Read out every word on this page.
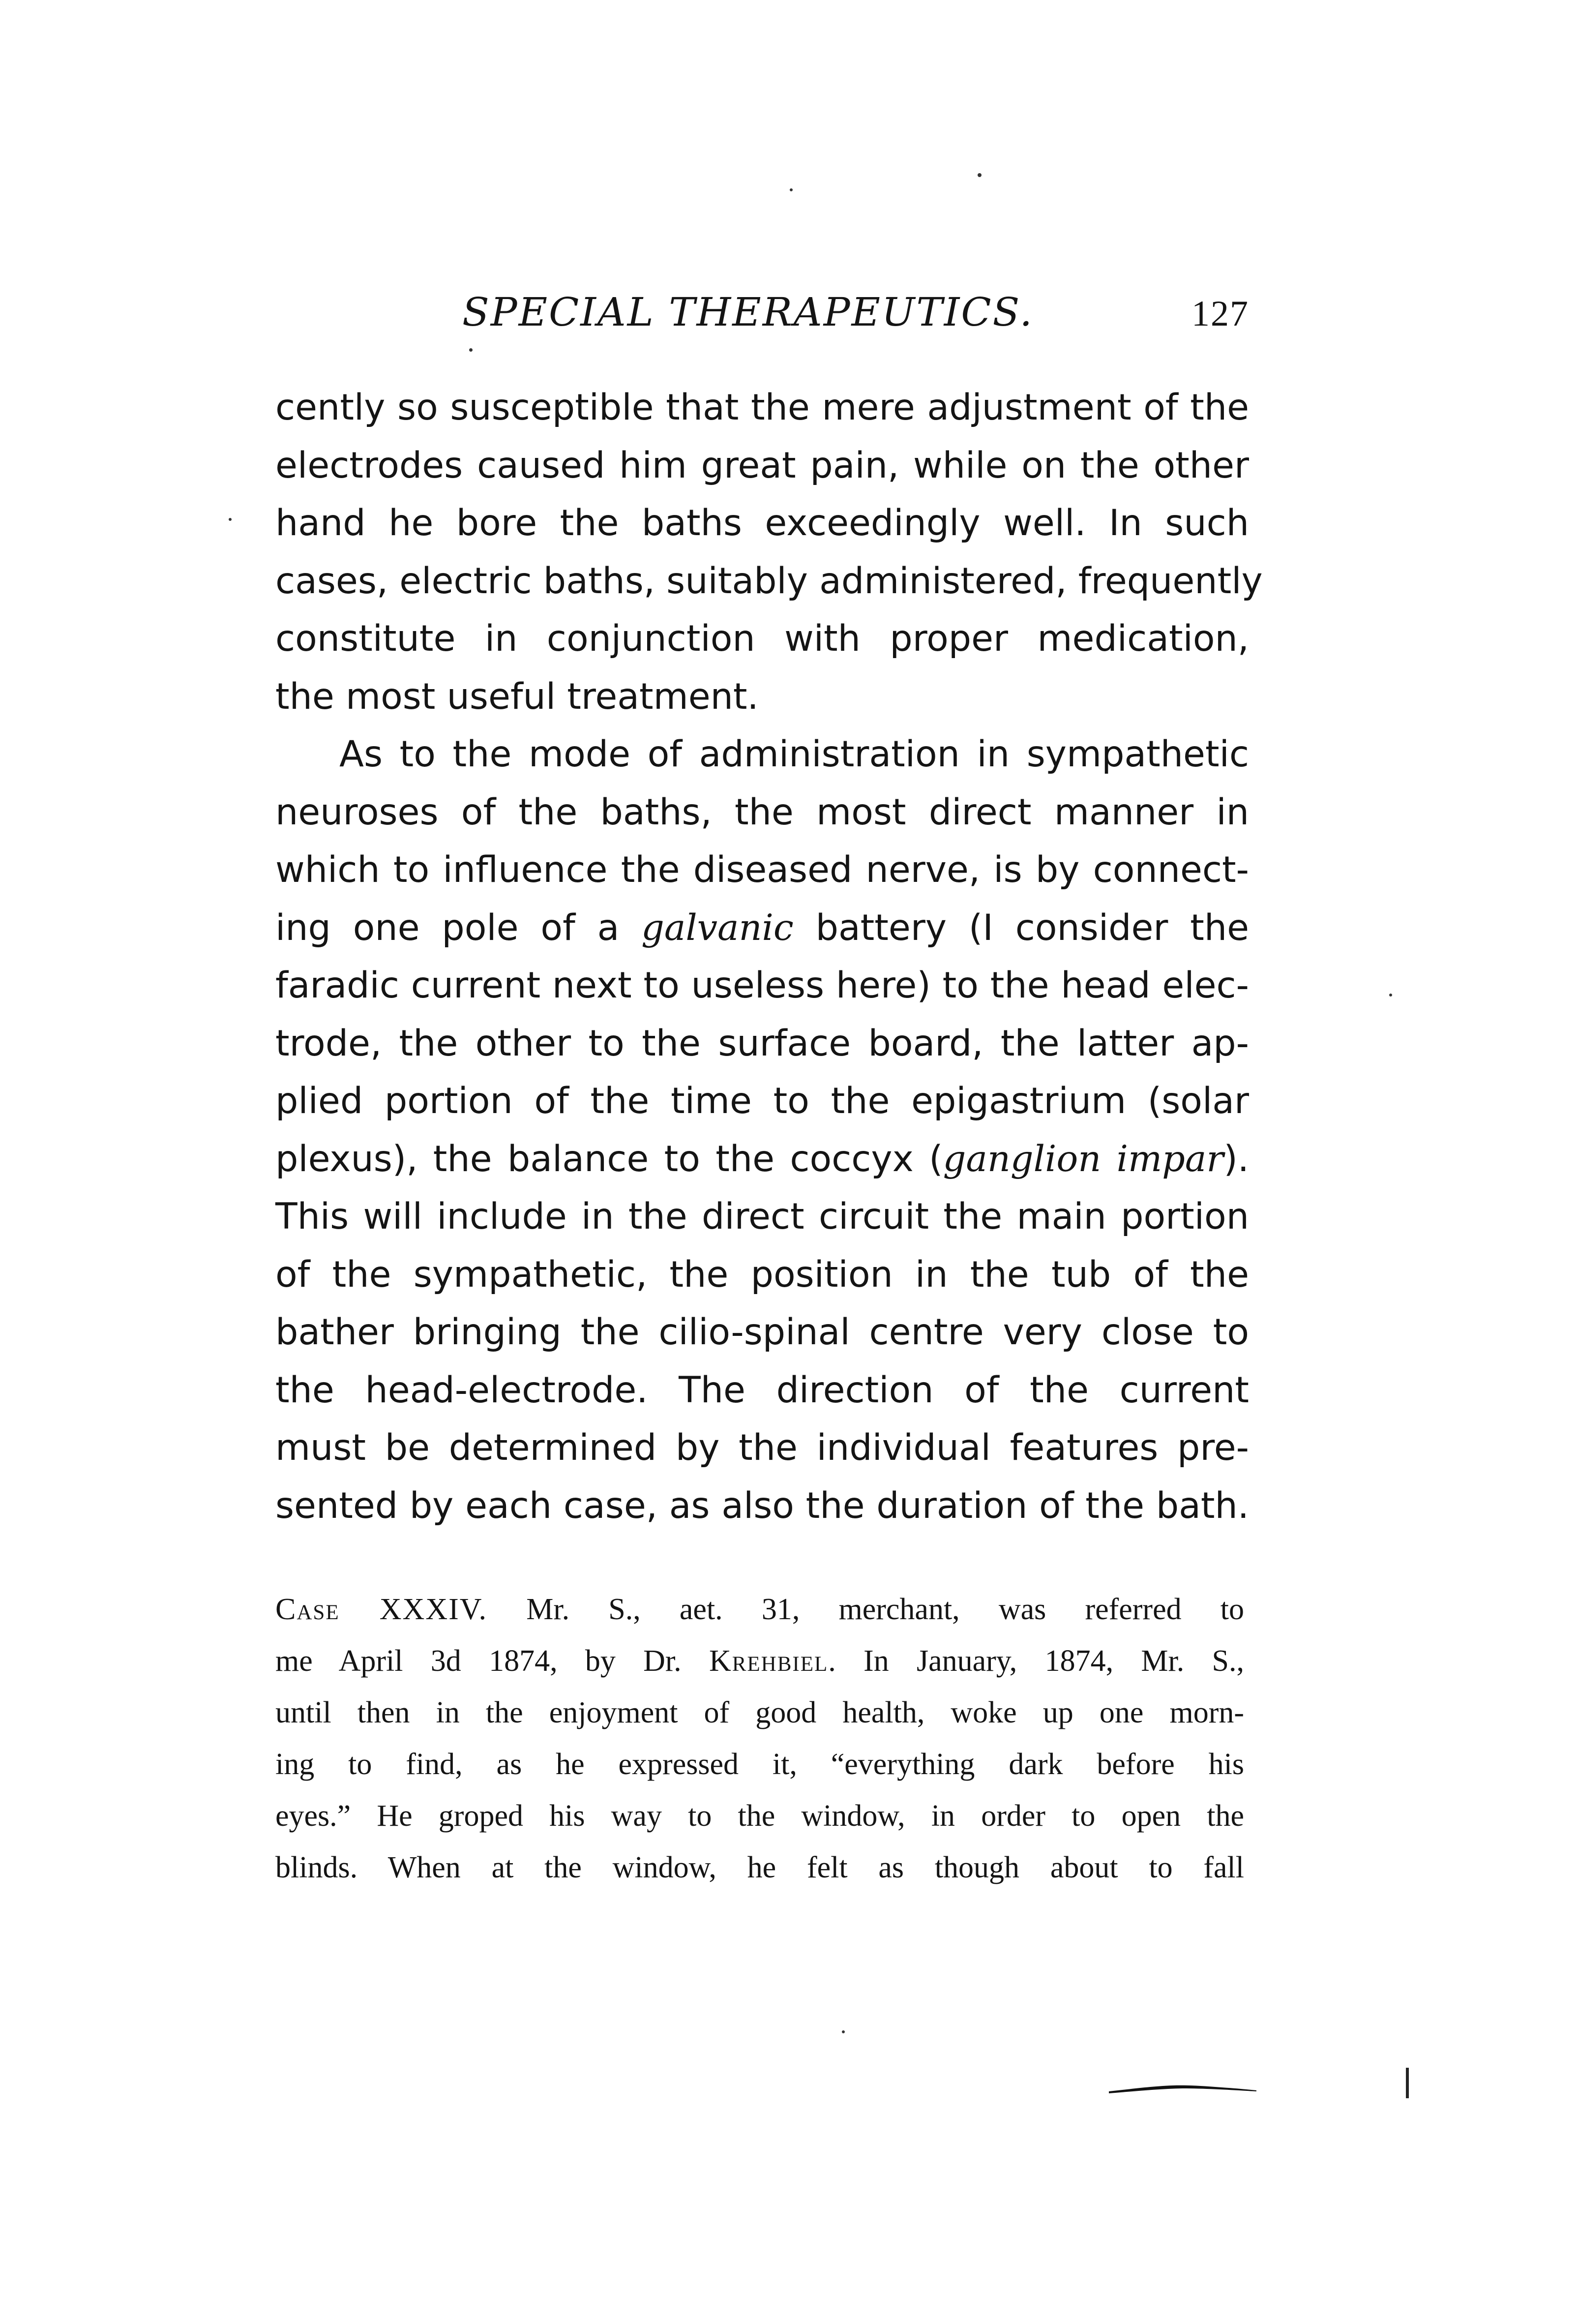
SPECIAL THERAPEUTICS.	127
cently so susceptible that the mere adjustment of the
electrodes caused him great pain, while on the other
hand he bore the baths exceedingly well. In such
cases, electric baths, suitably administered, frequently
constitute in conjunction with proper medication,
the most useful treatment.
As to the mode of administration in sympathetic
neuroses of the baths, the most direct manner in
which to influence the diseased nerve, is by connect-
ing one pole of a galvanic battery (I consider the
faradic current next to useless here) to the head elec-
trode, the other to the surface board, the latter ap-
plied portion of the time to the epigastrium (solar
plexus), the balance to the coccyx (ganglion impar).
This will include in the direct circuit the main portion
of the sympathetic, the position in the tub of the
bather bringing the cilio-spinal centre very close to
the head-electrode. The direction of the current
must be determined by the individual features pre-
sented by each case, as also the duration of the bath.
Case XXXIV. Mr. S., aet. 31, merchant, was referred to
me April 3d 1874, by Dr. Krehbiel. In January, 1874, Mr. S.,
until then in the enjoyment of good health, woke up one morn-
ing to find, as he expressed it, “everything dark before his
eyes.” He groped his way to the window, in order to open the
blinds. When at the window, he felt as though about to fall
